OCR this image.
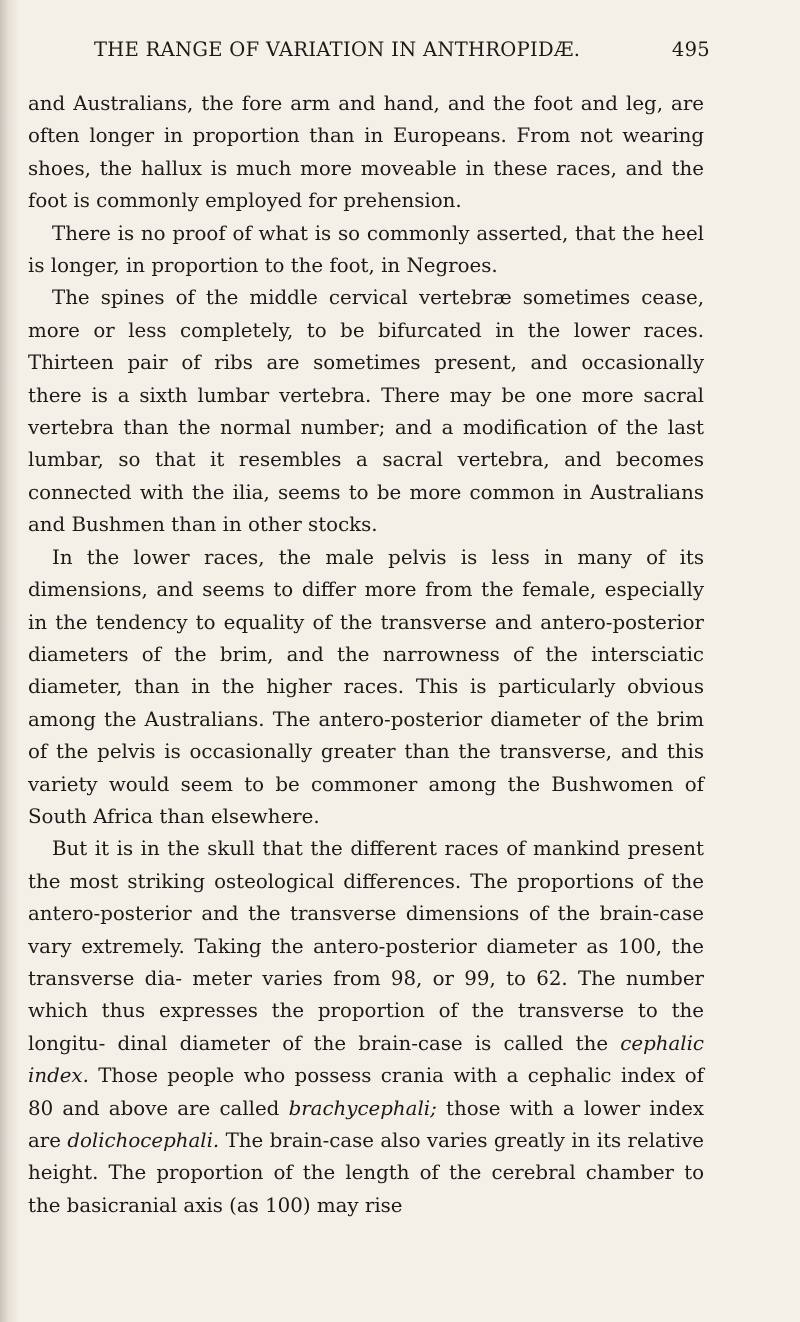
THE RANGE OF VARIATION IN ANTHROPIDÆ.	495

and Australians, the fore arm and hand, and the foot and leg, are often longer in proportion than in Europeans. From not wearing shoes, the hallux is much more moveable in these races, and the foot is commonly employed for prehension.

There is no proof of what is so commonly asserted, that the heel is longer, in proportion to the foot, in Negroes.

The spines of the middle cervical vertebræ sometimes cease, more or less completely, to be bifurcated in the lower races. Thirteen pair of ribs are sometimes present, and occasionally there is a sixth lumbar vertebra. There may be one more sacral vertebra than the normal number; and a modification of the last lumbar, so that it resembles a sacral vertebra, and becomes connected with the ilia, seems to be more common in Australians and Bushmen than in other stocks.

In the lower races, the male pelvis is less in many of its dimensions, and seems to differ more from the female, especially in the tendency to equality of the transverse and antero-posterior diameters of the brim, and the narrowness of the intersciatic diameter, than in the higher races. This is particularly obvious among the Australians. The antero-posterior diameter of the brim of the pelvis is occasionally greater than the transverse, and this variety would seem to be commoner among the Bushwomen of South Africa than elsewhere.

But it is in the skull that the different races of mankind present the most striking osteological differences. The proportions of the antero-posterior and the transverse dimensions of the brain-case vary extremely. Taking the antero-posterior diameter as 100, the transverse dia- meter varies from 98, or 99, to 62. The number which thus expresses the proportion of the transverse to the longitu- dinal diameter of the brain-case is called the cephalic index. Those people who possess crania with a cephalic index of 80 and above are called brachycephali; those with a lower index are dolichocephali. The brain-case also varies greatly in its relative height. The proportion of the length of the cerebral chamber to the basicranial axis (as 100) may rise
